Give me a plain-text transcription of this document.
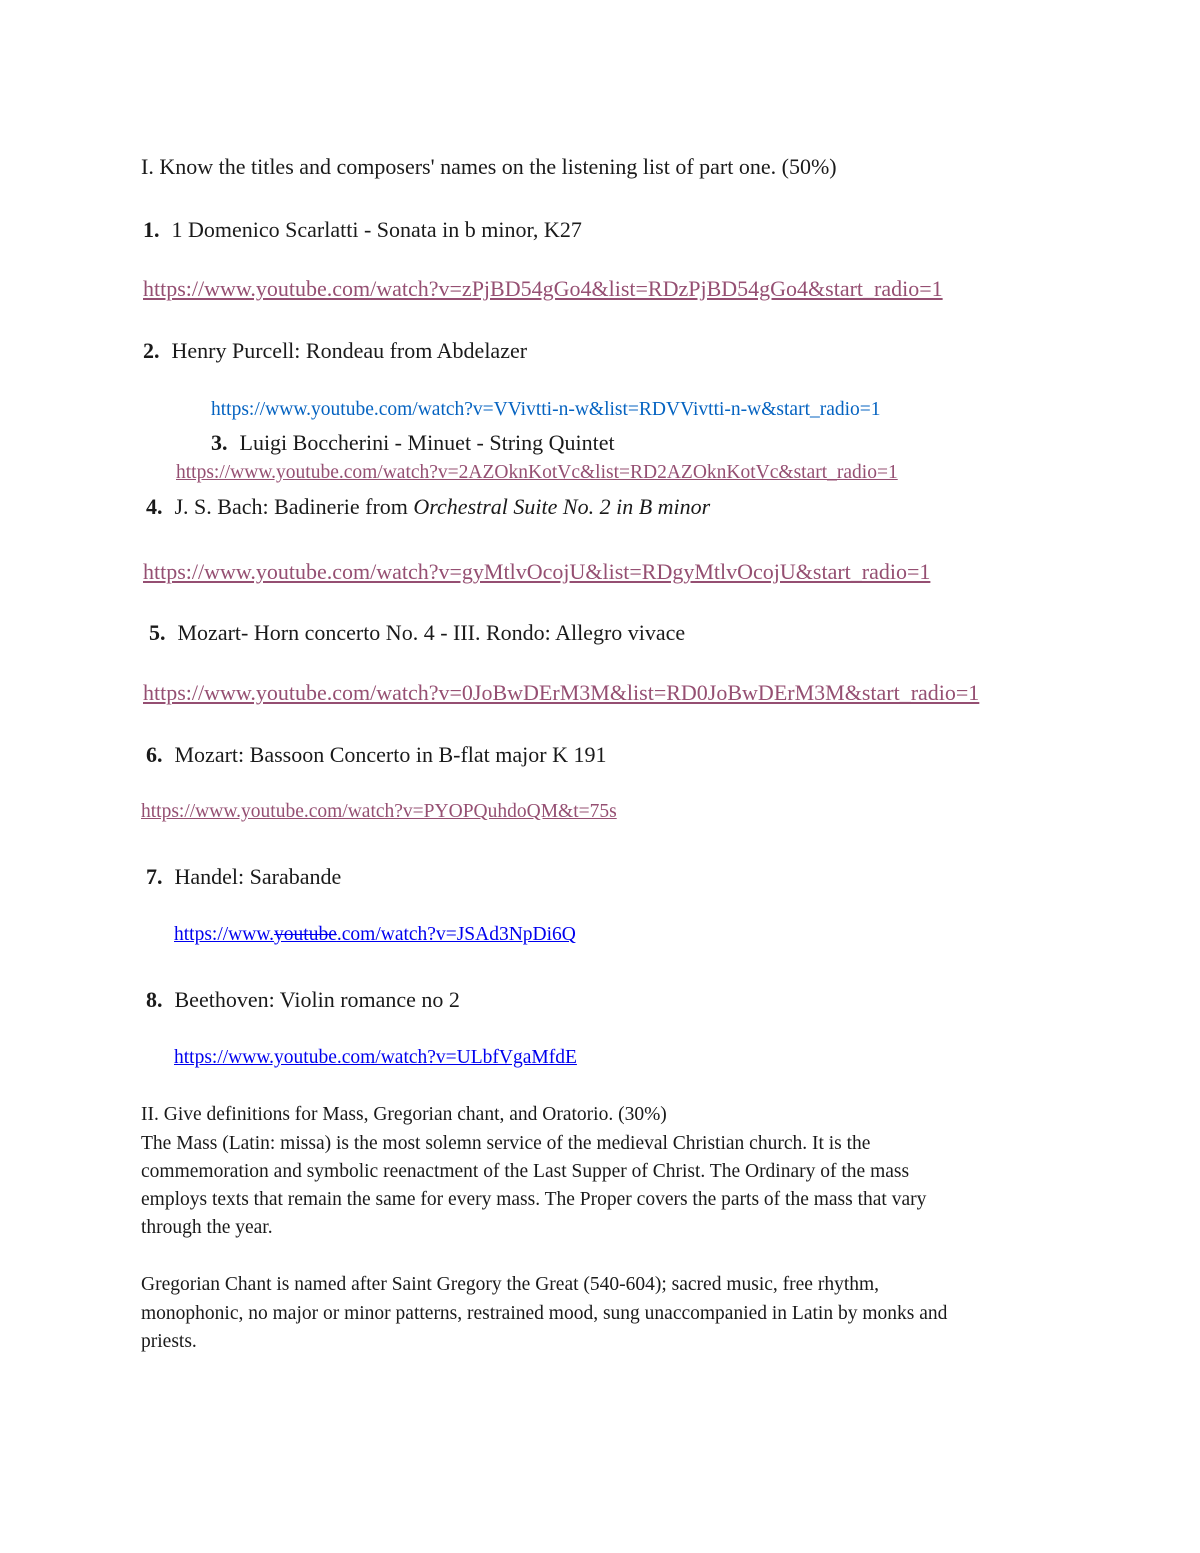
I. Know the titles and composers' names on the listening list of part one. (50%)
1. 1 Domenico Scarlatti - Sonata in b minor, K27
https://www.youtube.com/watch?v=zPjBD54gGo4&list=RDzPjBD54gGo4&start_radio=1
2. Henry Purcell: Rondeau from Abdelazer
https://www.youtube.com/watch?v=VVivtti-n-w&list=RDVVivtti-n-w&start_radio=1
3. Luigi Boccherini - Minuet - String Quintet
https://www.youtube.com/watch?v=2AZOknKotVc&list=RD2AZOknKotVc&start_radio=1
4. J. S. Bach: Badinerie from Orchestral Suite No. 2 in B minor
https://www.youtube.com/watch?v=gyMtlvOcojU&list=RDgyMtlvOcojU&start_radio=1
5. Mozart- Horn concerto No. 4 - III. Rondo: Allegro vivace
https://www.youtube.com/watch?v=0JoBwDErM3M&list=RD0JoBwDErM3M&start_radio=1
6. Mozart: Bassoon Concerto in B-flat major K 191
https://www.youtube.com/watch?v=PYOPQuhdoQM&t=75s
7. Handel: Sarabande
https://www.youtube.com/watch?v=JSAd3NpDi6Q
8. Beethoven: Violin romance no 2
https://www.youtube.com/watch?v=ULbfVgaMfdE
II. Give definitions for Mass, Gregorian chant, and Oratorio. (30%)
The Mass (Latin: missa) is the most solemn service of the medieval Christian church. It is the
commemoration and symbolic reenactment of the Last Supper of Christ. The Ordinary of the mass
employs texts that remain the same for every mass. The Proper covers the parts of the mass that vary
through the year.
Gregorian Chant is named after Saint Gregory the Great (540-604); sacred music, free rhythm,
monophonic, no major or minor patterns, restrained mood, sung unaccompanied in Latin by monks and
priests.
